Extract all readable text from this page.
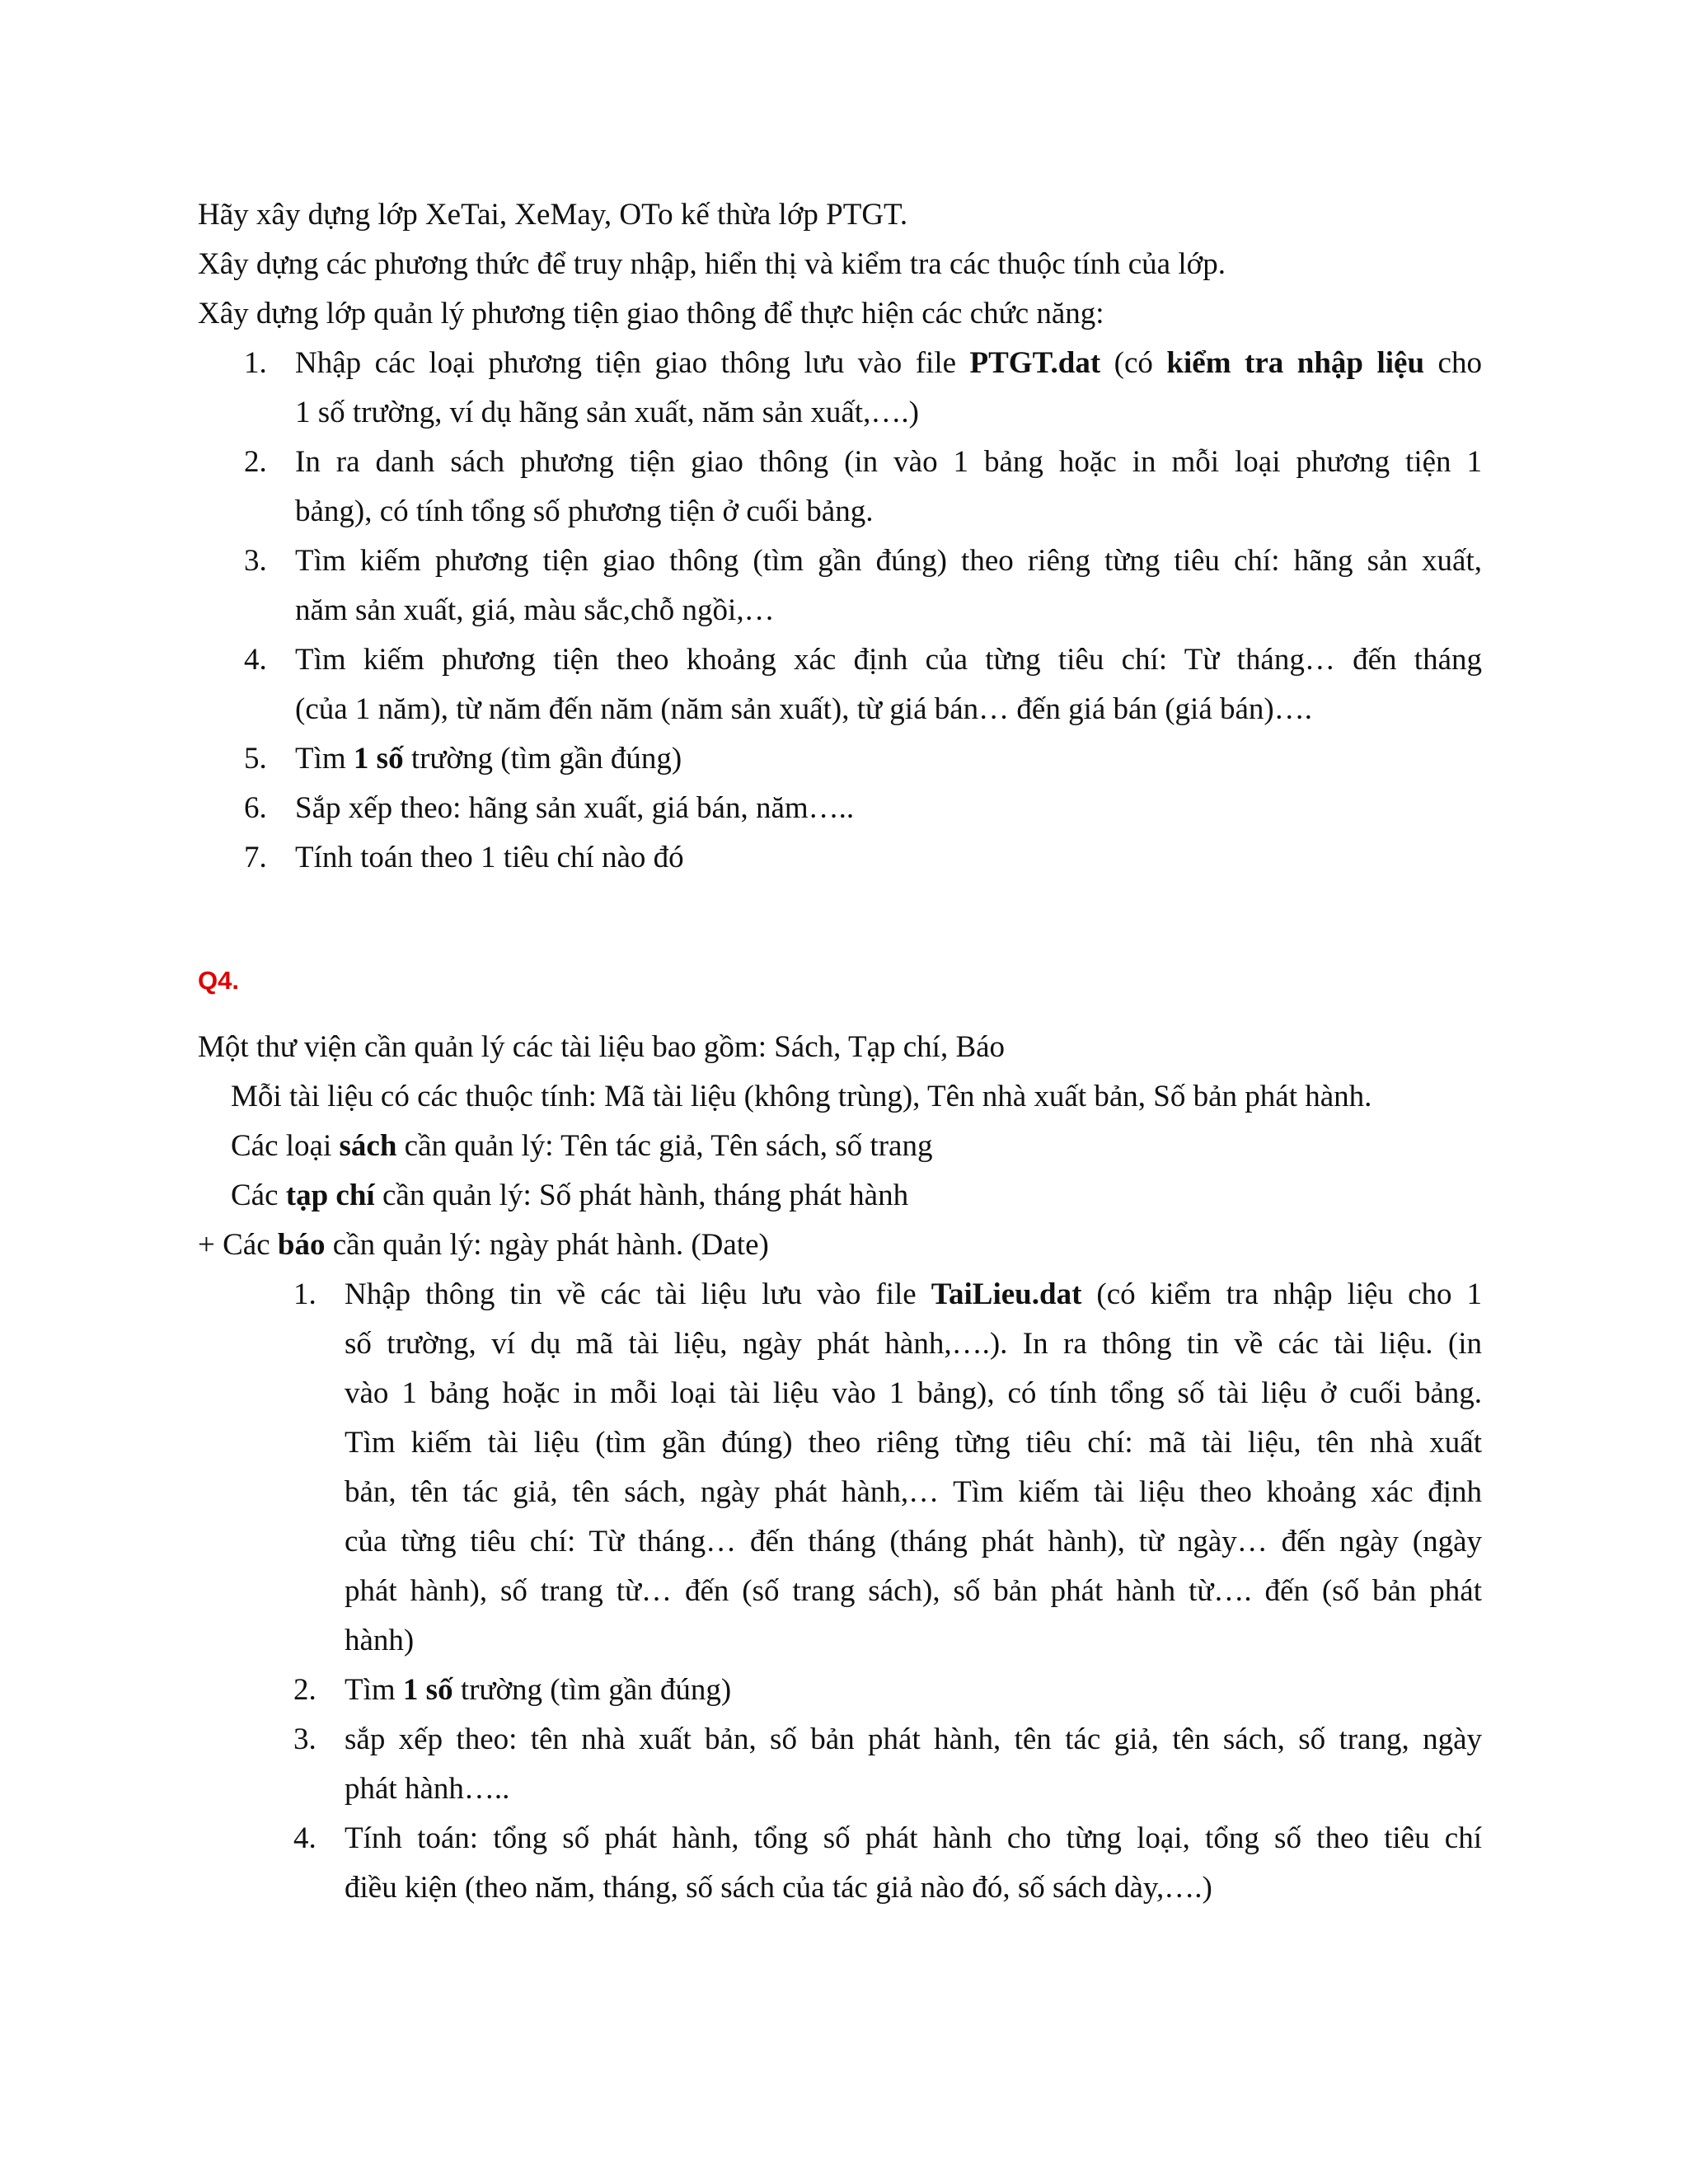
Hãy xây dựng lớp XeTai, XeMay, OTo kế thừa lớp PTGT.
Xây dựng các phương thức để truy nhập, hiển thị và kiểm tra các thuộc tính của lớp.
Xây dựng lớp quản lý phương tiện giao thông để thực hiện các chức năng:
1. Nhập các loại phương tiện giao thông lưu vào file PTGT.dat (có kiểm tra nhập liệu cho
1 số trường, ví dụ hãng sản xuất, năm sản xuất,….)
2. In ra danh sách phương tiện giao thông (in vào 1 bảng hoặc in mỗi loại phương tiện 1
bảng), có tính tổng số phương tiện ở cuối bảng.
3. Tìm kiếm phương tiện giao thông (tìm gần đúng) theo riêng từng tiêu chí: hãng sản xuất,
năm sản xuất, giá, màu sắc,chỗ ngồi,…
4. Tìm kiếm phương tiện theo khoảng xác định của từng tiêu chí: Từ tháng… đến tháng
(của 1 năm), từ năm đến năm (năm sản xuất), từ giá bán… đến giá bán (giá bán)….
5. Tìm 1 số trường (tìm gần đúng)
6. Sắp xếp theo: hãng sản xuất, giá bán, năm…..
7. Tính toán theo 1 tiêu chí nào đó
Q4.
Một thư viện cần quản lý các tài liệu bao gồm: Sách, Tạp chí, Báo
Mỗi tài liệu có các thuộc tính: Mã tài liệu (không trùng), Tên nhà xuất bản, Số bản phát hành.
Các loại sách cần quản lý: Tên tác giả, Tên sách, số trang
Các tạp chí cần quản lý: Số phát hành, tháng phát hành
+ Các báo cần quản lý: ngày phát hành. (Date)
1. Nhập thông tin về các tài liệu lưu vào file TaiLieu.dat (có kiểm tra nhập liệu cho 1
số trường, ví dụ mã tài liệu, ngày phát hành,….). In ra thông tin về các tài liệu. (in
vào 1 bảng hoặc in mỗi loại tài liệu vào 1 bảng), có tính tổng số tài liệu ở cuối bảng.
Tìm kiếm tài liệu (tìm gần đúng) theo riêng từng tiêu chí: mã tài liệu, tên nhà xuất
bản, tên tác giả, tên sách, ngày phát hành,… Tìm kiếm tài liệu theo khoảng xác định
của từng tiêu chí: Từ tháng… đến tháng (tháng phát hành), từ ngày… đến ngày (ngày
phát hành), số trang từ… đến (số trang sách), số bản phát hành từ…. đến (số bản phát
hành)
2. Tìm 1 số trường (tìm gần đúng)
3. sắp xếp theo: tên nhà xuất bản, số bản phát hành, tên tác giả, tên sách, số trang, ngày
phát hành…..
4. Tính toán: tổng số phát hành, tổng số phát hành cho từng loại, tổng số theo tiêu chí
điều kiện (theo năm, tháng, số sách của tác giả nào đó, số sách dày,….)
